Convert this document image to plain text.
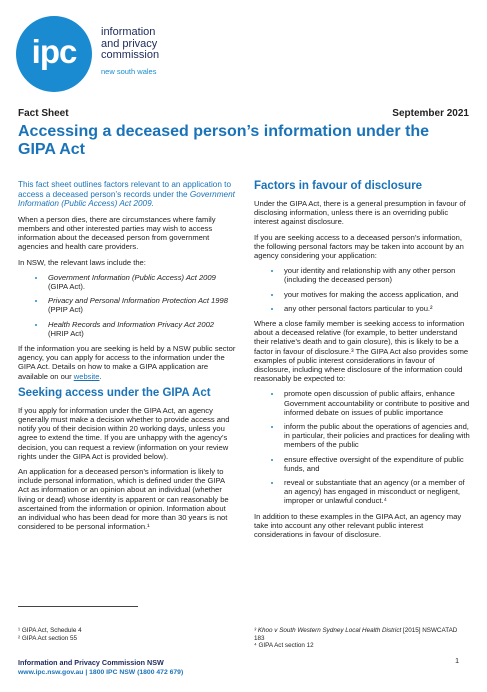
ipc
information
and privacy
commission
new south wales
Fact Sheet	September 2021
Accessing a deceased person’s information under the GIPA Act

This fact sheet outlines factors relevant to an application to access a deceased person’s records under the Government Information (Public Access) Act 2009.

When a person dies, there are circumstances where family members and other interested parties may wish to access information about the deceased person from government agencies and health care providers.

In NSW, the relevant laws include the:

• Government Information (Public Access) Act 2009 (GIPA Act).
• Privacy and Personal Information Protection Act 1998 (PPIP Act)
• Health Records and Information Privacy Act 2002 (HRIP Act)

If the information you are seeking is held by a NSW public sector agency, you can apply for access to the information under the GIPA Act. Details on how to make a GIPA application are available on our website.

Seeking access under the GIPA Act

If you apply for information under the GIPA Act, an agency generally must make a decision whether to provide access and notify you of their decision within 20 working days, unless you agree to extend the time. If you are unhappy with the agency’s decision, you can request a review (information on your review rights under the GIPA Act is provided below).

An application for a deceased person’s information is likely to include personal information, which is defined under the GIPA Act as information or an opinion about an individual (whether living or dead) whose identity is apparent or can reasonably be ascertained from the information or opinion. Information about an individual who has been dead for more than 30 years is not considered to be personal information.¹

Factors in favour of disclosure

Under the GIPA Act, there is a general presumption in favour of disclosing information, unless there is an overriding public interest against disclosure.

If you are seeking access to a deceased person’s information, the following personal factors may be taken into account by an agency considering your application:

• your identity and relationship with any other person (including the deceased person)
• your motives for making the access application, and
• any other personal factors particular to you.²

Where a close family member is seeking access to information about a deceased relative (for example, to better understand their relative’s death and to gain closure), this is likely to be a factor in favour of disclosure.³ The GIPA Act also provides some examples of public interest considerations in favour of disclosure, including where disclosure of the information could reasonably be expected to:

• promote open discussion of public affairs, enhance Government accountability or contribute to positive and informed debate on issues of public importance
• inform the public about the operations of agencies and, in particular, their policies and practices for dealing with members of the public
• ensure effective oversight of the expenditure of public funds, and
• reveal or substantiate that an agency (or a member of an agency) has engaged in misconduct or negligent, improper or unlawful conduct.⁴

In addition to these examples in the GIPA Act, an agency may take into account any other relevant public interest considerations in favour of disclosure.

¹ GIPA Act, Schedule 4
² GIPA Act section 55
³ Khoo v South Western Sydney Local Health District [2015] NSWCATAD 183
⁴ GIPA Act section 12
Information and Privacy Commission NSW
www.ipc.nsw.gov.au | 1800 IPC NSW (1800 472 679)
1
